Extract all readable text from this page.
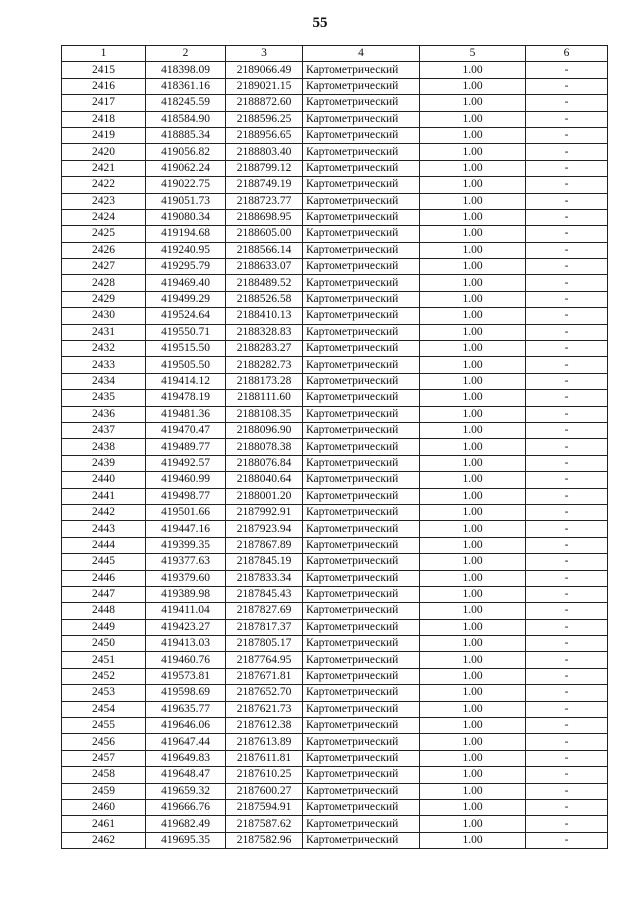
55
1	2	3	4	5	6
2415	418398.09	2189066.49	Картометрический	1.00	-
2416	418361.16	2189021.15	Картометрический	1.00	-
2417	418245.59	2188872.60	Картометрический	1.00	-
2418	418584.90	2188596.25	Картометрический	1.00	-
2419	418885.34	2188956.65	Картометрический	1.00	-
2420	419056.82	2188803.40	Картометрический	1.00	-
2421	419062.24	2188799.12	Картометрический	1.00	-
2422	419022.75	2188749.19	Картометрический	1.00	-
2423	419051.73	2188723.77	Картометрический	1.00	-
2424	419080.34	2188698.95	Картометрический	1.00	-
2425	419194.68	2188605.00	Картометрический	1.00	-
2426	419240.95	2188566.14	Картометрический	1.00	-
2427	419295.79	2188633.07	Картометрический	1.00	-
2428	419469.40	2188489.52	Картометрический	1.00	-
2429	419499.29	2188526.58	Картометрический	1.00	-
2430	419524.64	2188410.13	Картометрический	1.00	-
2431	419550.71	2188328.83	Картометрический	1.00	-
2432	419515.50	2188283.27	Картометрический	1.00	-
2433	419505.50	2188282.73	Картометрический	1.00	-
2434	419414.12	2188173.28	Картометрический	1.00	-
2435	419478.19	2188111.60	Картометрический	1.00	-
2436	419481.36	2188108.35	Картометрический	1.00	-
2437	419470.47	2188096.90	Картометрический	1.00	-
2438	419489.77	2188078.38	Картометрический	1.00	-
2439	419492.57	2188076.84	Картометрический	1.00	-
2440	419460.99	2188040.64	Картометрический	1.00	-
2441	419498.77	2188001.20	Картометрический	1.00	-
2442	419501.66	2187992.91	Картометрический	1.00	-
2443	419447.16	2187923.94	Картометрический	1.00	-
2444	419399.35	2187867.89	Картометрический	1.00	-
2445	419377.63	2187845.19	Картометрический	1.00	-
2446	419379.60	2187833.34	Картометрический	1.00	-
2447	419389.98	2187845.43	Картометрический	1.00	-
2448	419411.04	2187827.69	Картометрический	1.00	-
2449	419423.27	2187817.37	Картометрический	1.00	-
2450	419413.03	2187805.17	Картометрический	1.00	-
2451	419460.76	2187764.95	Картометрический	1.00	-
2452	419573.81	2187671.81	Картометрический	1.00	-
2453	419598.69	2187652.70	Картометрический	1.00	-
2454	419635.77	2187621.73	Картометрический	1.00	-
2455	419646.06	2187612.38	Картометрический	1.00	-
2456	419647.44	2187613.89	Картометрический	1.00	-
2457	419649.83	2187611.81	Картометрический	1.00	-
2458	419648.47	2187610.25	Картометрический	1.00	-
2459	419659.32	2187600.27	Картометрический	1.00	-
2460	419666.76	2187594.91	Картометрический	1.00	-
2461	419682.49	2187587.62	Картометрический	1.00	-
2462	419695.35	2187582.96	Картометрический	1.00	-
